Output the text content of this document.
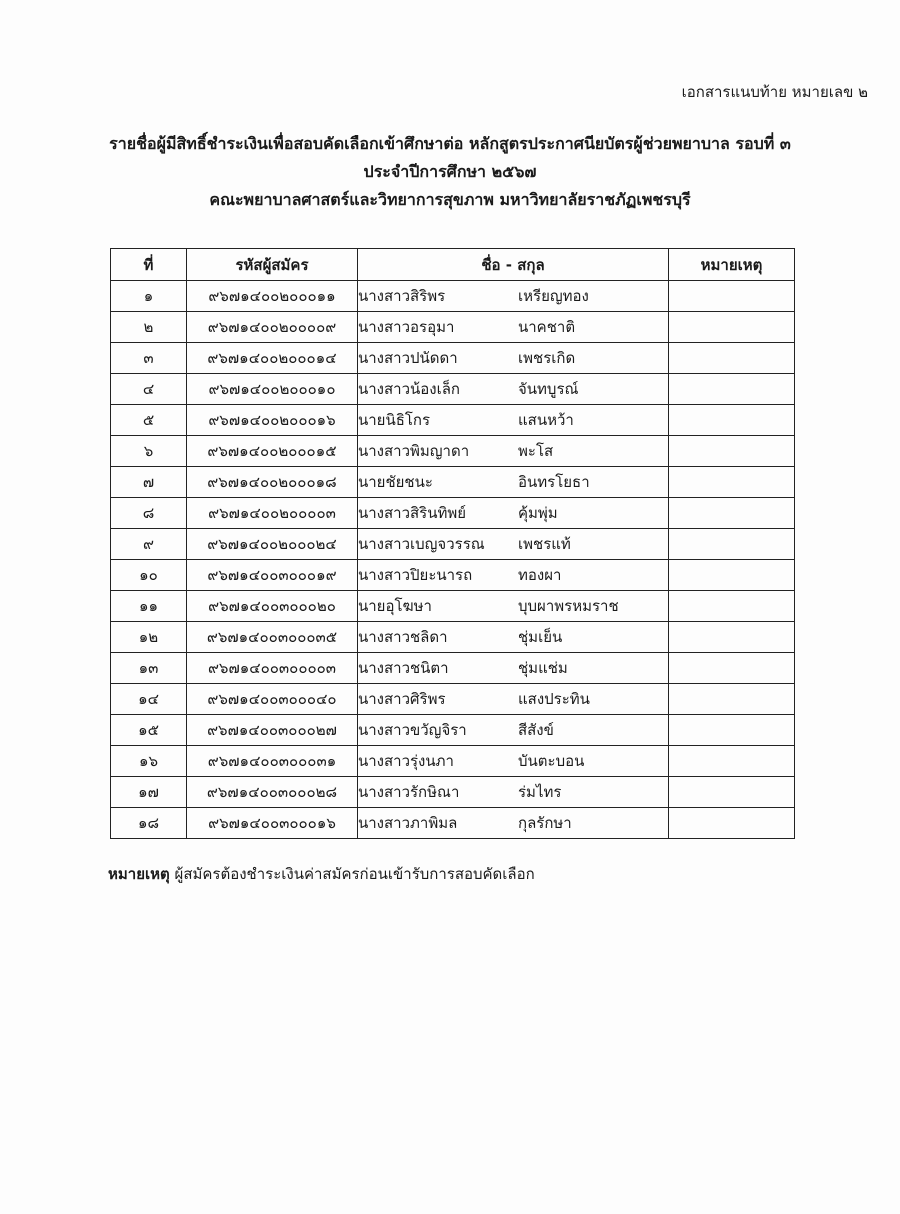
เอกสารแนบท้าย หมายเลข ๒
รายชื่อผู้มีสิทธิ์ชำระเงินเพื่อสอบคัดเลือกเข้าศึกษาต่อ หลักสูตรประกาศนียบัตรผู้ช่วยพยาบาล รอบที่ ๓
ประจำปีการศึกษา ๒๕๖๗
คณะพยาบาลศาสตร์และวิทยาการสุขภาพ มหาวิทยาลัยราชภัฏเพชรบุรี
ที่	รหัสผู้สมัคร	ชื่อ - สกุล	หมายเหตุ
๑	๙๖๗๑๔๐๐๒๐๐๐๑๑	นางสาวสิริพร เหรียญทอง	
๒	๙๖๗๑๔๐๐๒๐๐๐๐๙	นางสาวอรอุมา นาคชาติ	
๓	๙๖๗๑๔๐๐๒๐๐๐๑๔	นางสาวปนัดดา เพชรเกิด	
๔	๙๖๗๑๔๐๐๒๐๐๐๑๐	นางสาวน้องเล็ก จันทบูรณ์	
๕	๙๖๗๑๔๐๐๒๐๐๐๑๖	นายนิธิโกร แสนหว้า	
๖	๙๖๗๑๔๐๐๒๐๐๐๑๕	นางสาวพิมญาดา พะโส	
๗	๙๖๗๑๔๐๐๒๐๐๐๑๘	นายชัยชนะ อินทรโยธา	
๘	๙๖๗๑๔๐๐๒๐๐๐๐๓	นางสาวสิรินทิพย์ คุ้มพุ่ม	
๙	๙๖๗๑๔๐๐๒๐๐๐๒๔	นางสาวเบญจวรรณ เพชรแท้	
๑๐	๙๖๗๑๔๐๐๓๐๐๐๑๙	นางสาวปิยะนารถ ทองผา	
๑๑	๙๖๗๑๔๐๐๓๐๐๐๒๐	นายอุโฆษา บุบผาพรหมราช	
๑๒	๙๖๗๑๔๐๐๓๐๐๐๓๕	นางสาวชลิดา ชุ่มเย็น	
๑๓	๙๖๗๑๔๐๐๓๐๐๐๐๓	นางสาวชนิตา ชุ่มแช่ม	
๑๔	๙๖๗๑๔๐๐๓๐๐๐๔๐	นางสาวศิริพร แสงประทิน	
๑๕	๙๖๗๑๔๐๐๓๐๐๐๒๗	นางสาวขวัญจิรา สีสังข์	
๑๖	๙๖๗๑๔๐๐๓๐๐๐๓๑	นางสาวรุ่งนภา บันตะบอน	
๑๗	๙๖๗๑๔๐๐๓๐๐๐๒๘	นางสาวรักษิณา ร่มไทร	
๑๘	๙๖๗๑๔๐๐๓๐๐๐๑๖	นางสาวภาพิมล กุลรักษา	
หมายเหตุ ผู้สมัครต้องชำระเงินค่าสมัครก่อนเข้ารับการสอบคัดเลือก
